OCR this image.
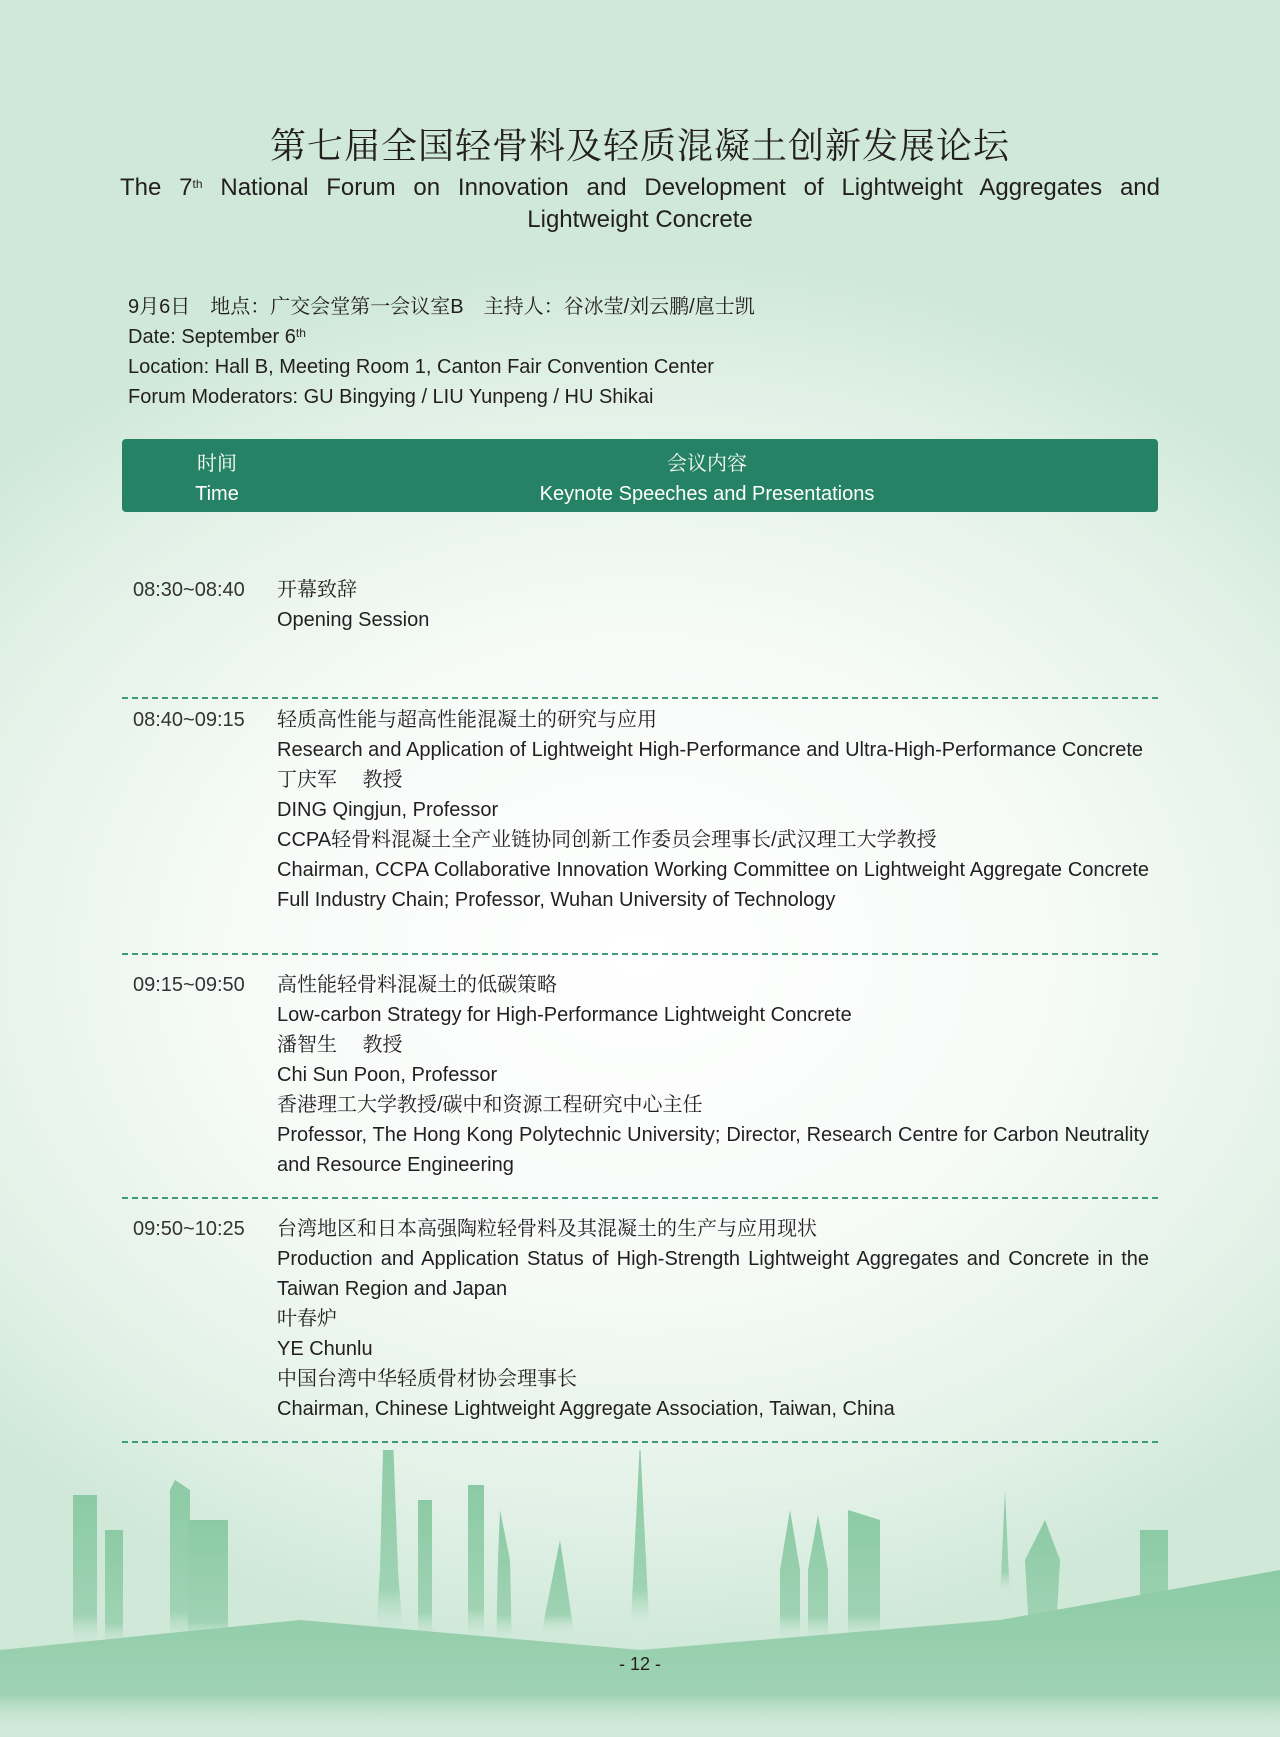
第七届全国轻骨料及轻质混凝土创新发展论坛
The 7th National Forum on Innovation and Development of Lightweight Aggregates and
Lightweight Concrete
9月6日　地点：广交会堂第一会议室B　主持人：谷冰莹/刘云鹏/扈士凯
Date: September 6th
Location: Hall B, Meeting Room 1, Canton Fair Convention Center
Forum Moderators: GU Bingying / LIU Yunpeng / HU Shikai
时间
Time
会议内容
Keynote Speeches and Presentations
08:30~08:40 开幕致辞
Opening Session
08:40~09:15 轻质高性能与超高性能混凝土的研究与应用
Research and Application of Lightweight High-Performance and Ultra-High-Performance Concrete
丁庆军　 教授
DING Qingjun, Professor
CCPA轻骨料混凝土全产业链协同创新工作委员会理事长/武汉理工大学教授
Chairman, CCPA Collaborative Innovation Working Committee on Lightweight Aggregate Concrete Full Industry Chain; Professor, Wuhan University of Technology
09:15~09:50 高性能轻骨料混凝土的低碳策略
Low-carbon Strategy for High-Performance Lightweight Concrete
潘智生　 教授
Chi Sun Poon, Professor
香港理工大学教授/碳中和资源工程研究中心主任
Professor, The Hong Kong Polytechnic University; Director, Research Centre for Carbon Neutrality and Resource Engineering
09:50~10:25 台湾地区和日本高强陶粒轻骨料及其混凝土的生产与应用现状
Production and Application Status of High-Strength Lightweight Aggregates and Concrete in the Taiwan Region and Japan
叶春炉
YE Chunlu
中国台湾中华轻质骨材协会理事长
Chairman, Chinese Lightweight Aggregate Association, Taiwan, China
- 12 -
